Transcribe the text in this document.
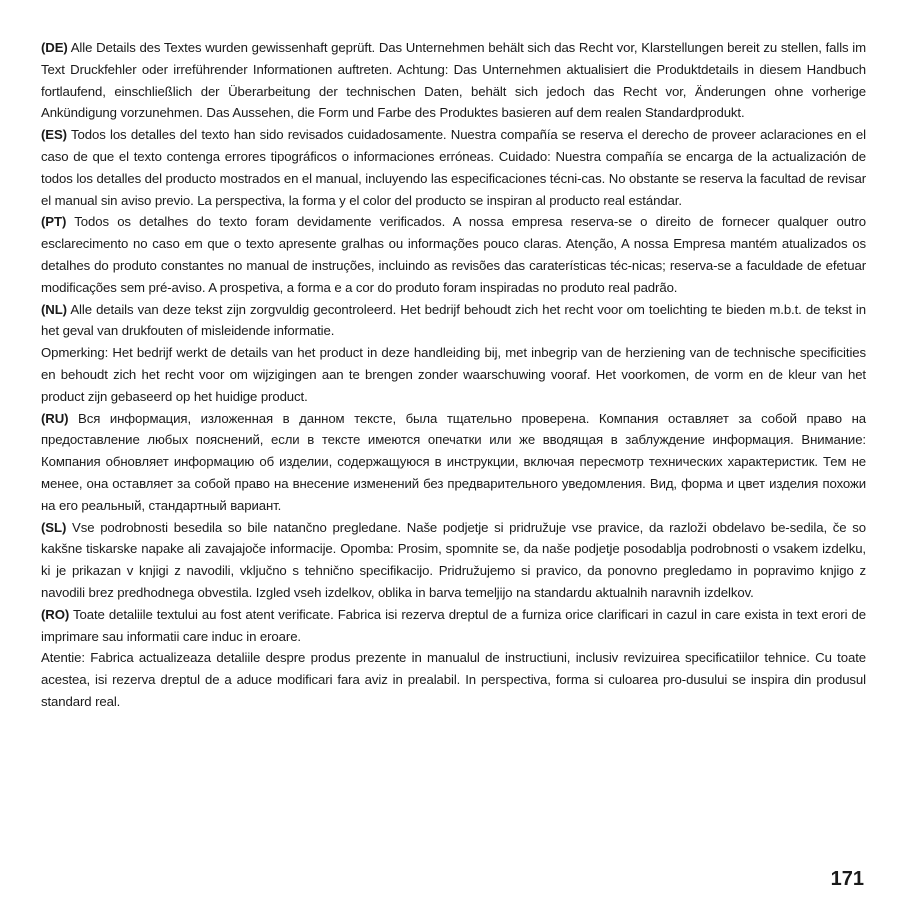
(DE) Alle Details des Textes wurden gewissenhaft geprüft. Das Unternehmen behält sich das Recht vor, Klarstellungen bereit zu stellen, falls im Text Druckfehler oder irreführender Informationen auftreten. Achtung: Das Unternehmen aktualisiert die Produktdetails in diesem Handbuch fortlaufend, einschließlich der Überarbeitung der technischen Daten, behält sich jedoch das Recht vor, Änderungen ohne vorherige Ankündigung vorzunehmen. Das Aussehen, die Form und Farbe des Produktes basieren auf dem realen Standardprodukt.

(ES) Todos los detalles del texto han sido revisados cuidadosamente. Nuestra compañía se reserva el derecho de proveer aclaraciones en el caso de que el texto contenga errores tipográficos o informaciones erróneas. Cuidado: Nuestra compañía se encarga de la actualización de todos los detalles del producto mostrados en el manual, incluyendo las especificaciones técni-cas. No obstante se reserva la facultad de revisar el manual sin aviso previo. La perspectiva, la forma y el color del producto se inspiran al producto real estándar.

(PT) Todos os detalhes do texto foram devidamente verificados. A nossa empresa reserva-se o direito de fornecer qualquer outro esclarecimento no caso em que o texto apresente gralhas ou informações pouco claras. Atenção, A nossa Empresa mantém atualizados os detalhes do produto constantes no manual de instruções, incluindo as revisões das caraterísticas téc-nicas; reserva-se a faculdade de efetuar modificações sem pré-aviso. A prospetiva, a forma e a cor do produto foram inspiradas no produto real padrão.

(NL) Alle details van deze tekst zijn zorgvuldig gecontroleerd. Het bedrijf behoudt zich het recht voor om toelichting te bieden m.b.t. de tekst in het geval van drukfouten of misleidende informatie.

Opmerking: Het bedrijf werkt de details van het product in deze handleiding bij, met inbegrip van de herziening van de technische specificities en behoudt zich het recht voor om wijzigingen aan te brengen zonder waarschuwing vooraf. Het voorkomen, de vorm en de kleur van het product zijn gebaseerd op het huidige product.

(RU) Вся информация, изложенная в данном тексте, была тщательно проверена. Компания оставляет за собой право на предоставление любых пояснений, если в тексте имеются опечатки или же вводящая в заблуждение информация. Внимание: Компания обновляет информацию об изделии, содержащуюся в инструкции, включая пересмотр технических характеристик. Тем не менее, она оставляет за собой право на внесение изменений без предварительного уведомления. Вид, форма и цвет изделия похожи на его реальный, стандартный вариант.

(SL) Vse podrobnosti besedila so bile natančno pregledane. Naše podjetje si pridružuje vse pravice, da razloži obdelavo be-sedila, če so kakšne tiskarske napake ali zavajajoče informacije. Opomba: Prosim, spomnite se, da naše podjetje posodablja podrobnosti o vsakem izdelku, ki je prikazan v knjigi z navodili, vključno s tehnično specifikacijo. Pridružujemo si pravico, da ponovno pregledamo in popravimo knjigo z navodili brez predhodnega obvestila. Izgled vseh izdelkov, oblika in barva temeljijo na standardu aktualnih naravnih izdelkov.

(RO) Toate detaliile textului au fost atent verificate. Fabrica isi rezerva dreptul de a furniza orice clarificari in cazul in care exista in text erori de imprimare sau informatii care induc in eroare.

Atentie: Fabrica actualizeaza detaliile despre produs prezente in manualul de instructiuni, inclusiv revizuirea specificatiilor tehnice. Cu toate acestea, isi rezerva dreptul de a aduce modificari fara aviz in prealabil. In perspectiva, forma si culoarea pro-dusului se inspira din produsul standard real.

171
